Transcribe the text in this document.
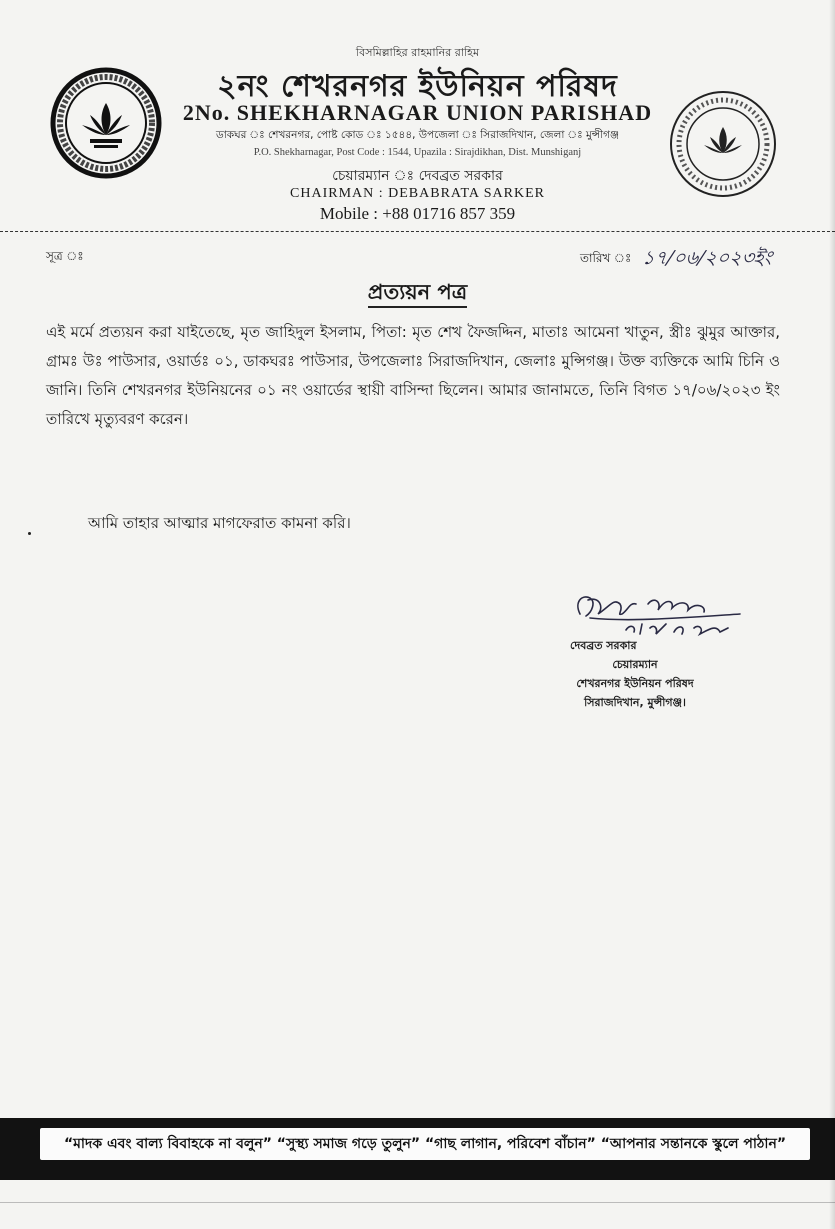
বিসমিল্লাহির রাহমানির রাহিম
২নং শেখরনগর ইউনিয়ন পরিষদ
2No. SHEKHARNAGAR UNION PARISHAD
ডাকঘর ঃ শেখরনগর, পোষ্ট কোড ঃ ১৫৪৪, উপজেলা ঃ সিরাজদিখান, জেলা ঃ মুন্সীগঞ্জ
P.O. Shekharnagar, Post Code : 1544, Upazila : Sirajdikhan, Dist. Munshiganj
চেয়ারম্যান ঃ দেবব্রত সরকার
CHAIRMAN : DEBABRATA SARKER
Mobile : +88 01716 857 359
সূত্র ঃ	তারিখ ঃ ১৭/০৬/২০২৩ইং
প্রত্যয়ন পত্র
এই মর্মে প্রত্যয়ন করা যাইতেছে, মৃত জাহিদুল ইসলাম, পিতা: মৃত শেখ ফৈজদ্দিন, মাতাঃ আমেনা খাতুন, স্ত্রীঃ ঝুমুর আক্তার, গ্রামঃ উঃ পাউসার, ওয়ার্ডঃ ০১, ডাকঘরঃ পাউসার, উপজেলাঃ সিরাজদিখান, জেলাঃ মুন্সিগঞ্জ। উক্ত ব্যক্তিকে আমি চিনি ও জানি। তিনি শেখরনগর ইউনিয়নের ০১ নং ওয়ার্ডের স্থায়ী বাসিন্দা ছিলেন। আমার জানামতে, তিনি বিগত ১৭/০৬/২০২৩ ইং তারিখে মৃত্যুবরণ করেন।
আমি তাহার আত্মার মাগফেরাত কামনা করি।
দেবব্রত সরকার
চেয়ারম্যান
শেখরনগর ইউনিয়ন পরিষদ
সিরাজদিখান, মুন্সীগঞ্জ।
“মাদক এবং বাল্য বিবাহকে না বলুন” “সুস্থ্য সমাজ গড়ে তুলুন” “গাছ লাগান, পরিবেশ বাঁচান” “আপনার সন্তানকে স্কুলে পাঠান”
